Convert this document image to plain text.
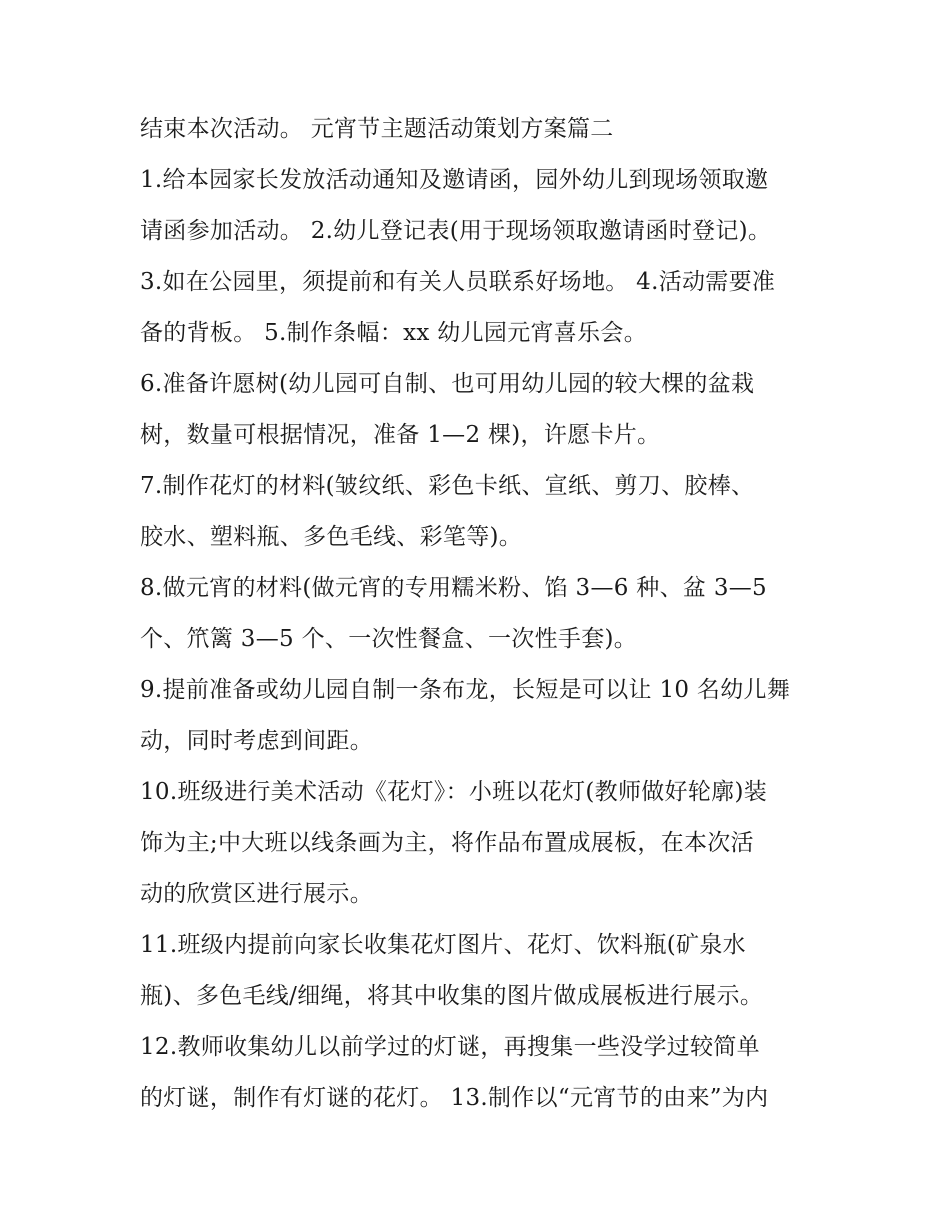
结束本次活动。 元宵节主题活动策划方案篇二
1.给本园家长发放活动通知及邀请函，园外幼儿到现场领取邀
请函参加活动。 2.幼儿登记表(用于现场领取邀请函时登记)。
3.如在公园里，须提前和有关人员联系好场地。 4.活动需要准
备的背板。 5.制作条幅：xx 幼儿园元宵喜乐会。
6.准备许愿树(幼儿园可自制、也可用幼儿园的较大棵的盆栽
树，数量可根据情况，准备 1—2 棵)，许愿卡片。
7.制作花灯的材料(皱纹纸、彩色卡纸、宣纸、剪刀、胶棒、
胶水、塑料瓶、多色毛线、彩笔等)。
8.做元宵的材料(做元宵的专用糯米粉、馅 3—6 种、盆 3—5
个、笊篱 3—5 个、一次性餐盒、一次性手套)。
9.提前准备或幼儿园自制一条布龙，长短是可以让 10 名幼儿舞
动，同时考虑到间距。
10.班级进行美术活动《花灯》：小班以花灯(教师做好轮廓)装
饰为主;中大班以线条画为主，将作品布置成展板，在本次活
动的欣赏区进行展示。
11.班级内提前向家长收集花灯图片、花灯、饮料瓶(矿泉水
瓶)、多色毛线/细绳，将其中收集的图片做成展板进行展示。
12.教师收集幼儿以前学过的灯谜，再搜集一些没学过较简单
的灯谜，制作有灯谜的花灯。 13.制作以“元宵节的由来”为内
